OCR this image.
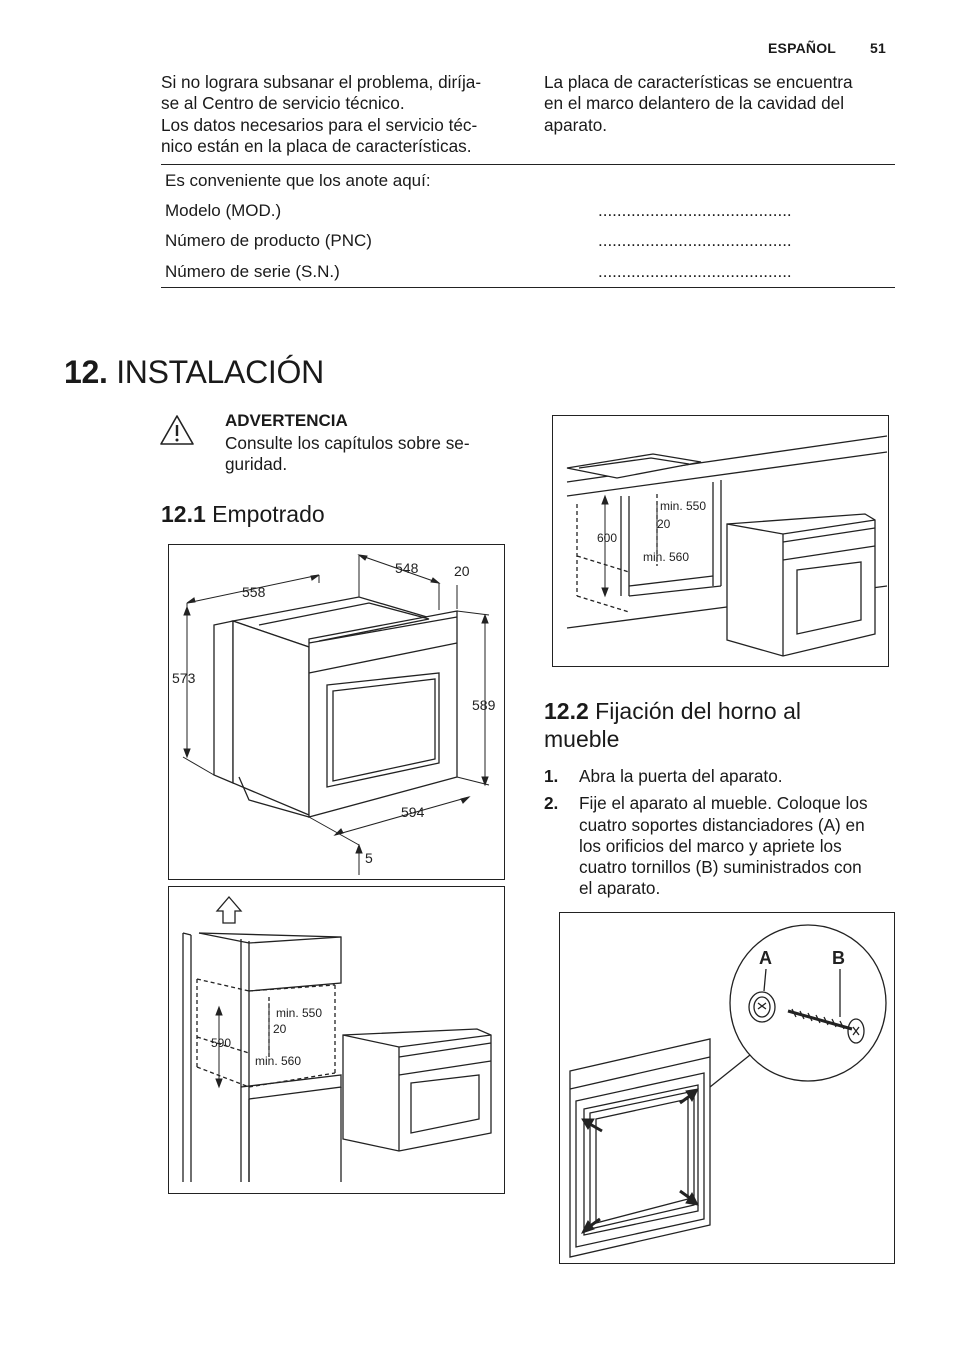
ESPAÑOL 51
Si no lograra subsanar el problema, diríja-
se al Centro de servicio técnico.
Los datos necesarios para el servicio téc-
nico están en la placa de características.
La placa de características se encuentra
en el marco delantero de la cavidad del
aparato.
Es conveniente que los anote aquí:
Modelo (MOD.)	.........................................
Número de producto (PNC)	.........................................
Número de serie (S.N.)	.........................................
12. INSTALACIÓN
ADVERTENCIA
Consulte los capítulos sobre se-
guridad.
12.1 Empotrado
558
548	20
573
589
594
5
590
min. 550
20
min. 560
600
min. 550
20
min. 560
12.2 Fijación del horno al
mueble
1. Abra la puerta del aparato.
2. Fije el aparato al mueble. Coloque los
cuatro soportes distanciadores (A) en
los orificios del marco y apriete los
cuatro tornillos (B) suministrados con
el aparato.
A	B
